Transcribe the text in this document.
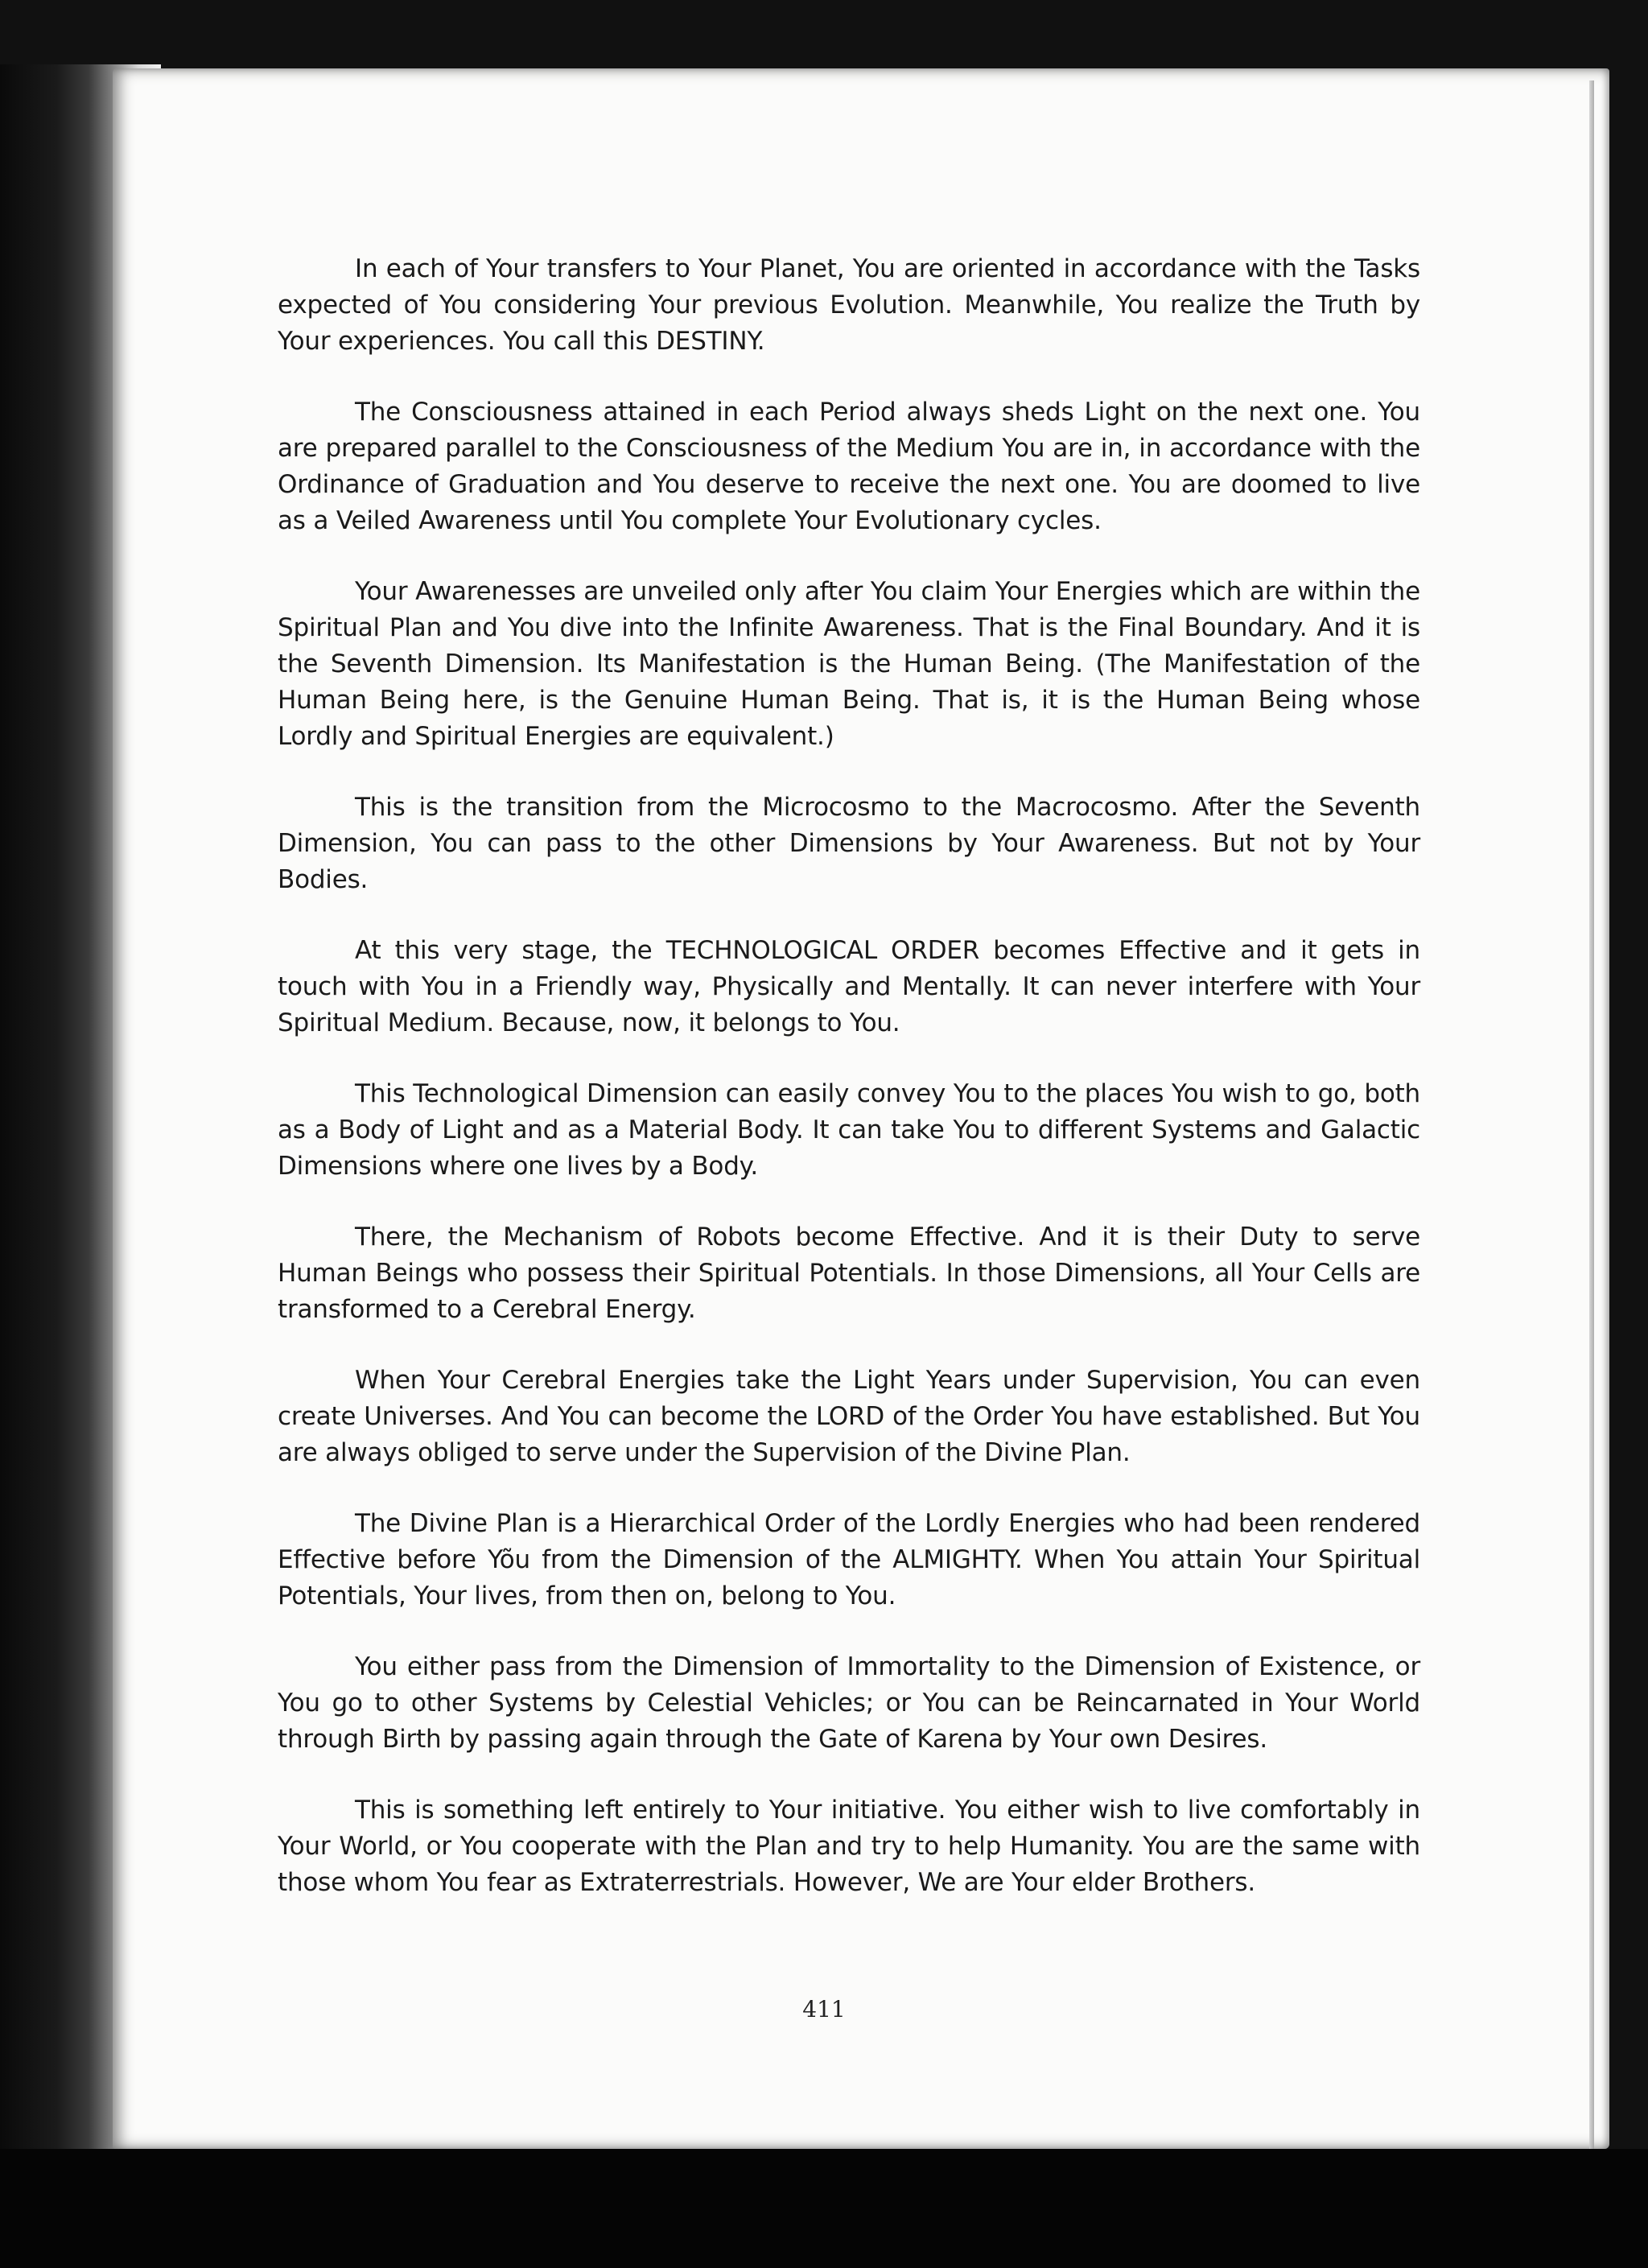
In each of Your transfers to Your Planet, You are oriented in accordance with the Tasks expected of You considering Your previous Evolution. Meanwhile, You realize the Truth by Your experiences. You call this DESTINY.

The Consciousness attained in each Period always sheds Light on the next one. You are prepared parallel to the Consciousness of the Medium You are in, in accordance with the Ordinance of Graduation and You deserve to receive the next one. You are doomed to live as a Veiled Awareness until You complete Your Evolutionary cycles.

Your Awarenesses are unveiled only after You claim Your Energies which are within the Spiritual Plan and You dive into the Infinite Awareness. That is the Final Boundary. And it is the Seventh Dimension. Its Manifestation is the Human Being. (The Manifestation of the Human Being here, is the Genuine Human Being. That is, it is the Human Being whose Lordly and Spiritual Energies are equivalent.)

This is the transition from the Microcosmo to the Macrocosmo. After the Seventh Dimension, You can pass to the other Dimensions by Your Awareness. But not by Your Bodies.

At this very stage, the TECHNOLOGICAL ORDER becomes Effective and it gets in touch with You in a Friendly way, Physically and Mentally. It can never interfere with Your Spiritual Medium. Because, now, it belongs to You.

This Technological Dimension can easily convey You to the places You wish to go, both as a Body of Light and as a Material Body. It can take You to different Systems and Galactic Dimensions where one lives by a Body.

There, the Mechanism of Robots become Effective. And it is their Duty to serve Human Beings who possess their Spiritual Potentials. In those Dimensions, all Your Cells are transformed to a Cerebral Energy.

When Your Cerebral Energies take the Light Years under Supervision, You can even create Universes. And You can become the LORD of the Order You have established. But You are always obliged to serve under the Supervision of the Divine Plan.

The Divine Plan is a Hierarchical Order of the Lordly Energies who had been rendered Effective before Yõu from the Dimension of the ALMIGHTY. When You attain Your Spiritual Potentials, Your lives, from then on, belong to You.

You either pass from the Dimension of Immortality to the Dimension of Existence, or You go to other Systems by Celestial Vehicles; or You can be Reincarnated in Your World through Birth by passing again through the Gate of Karena by Your own Desires.

This is something left entirely to Your initiative. You either wish to live comfortably in Your World, or You cooperate with the Plan and try to help Humanity. You are the same with those whom You fear as Extraterrestrials. However, We are Your elder Brothers.

411
